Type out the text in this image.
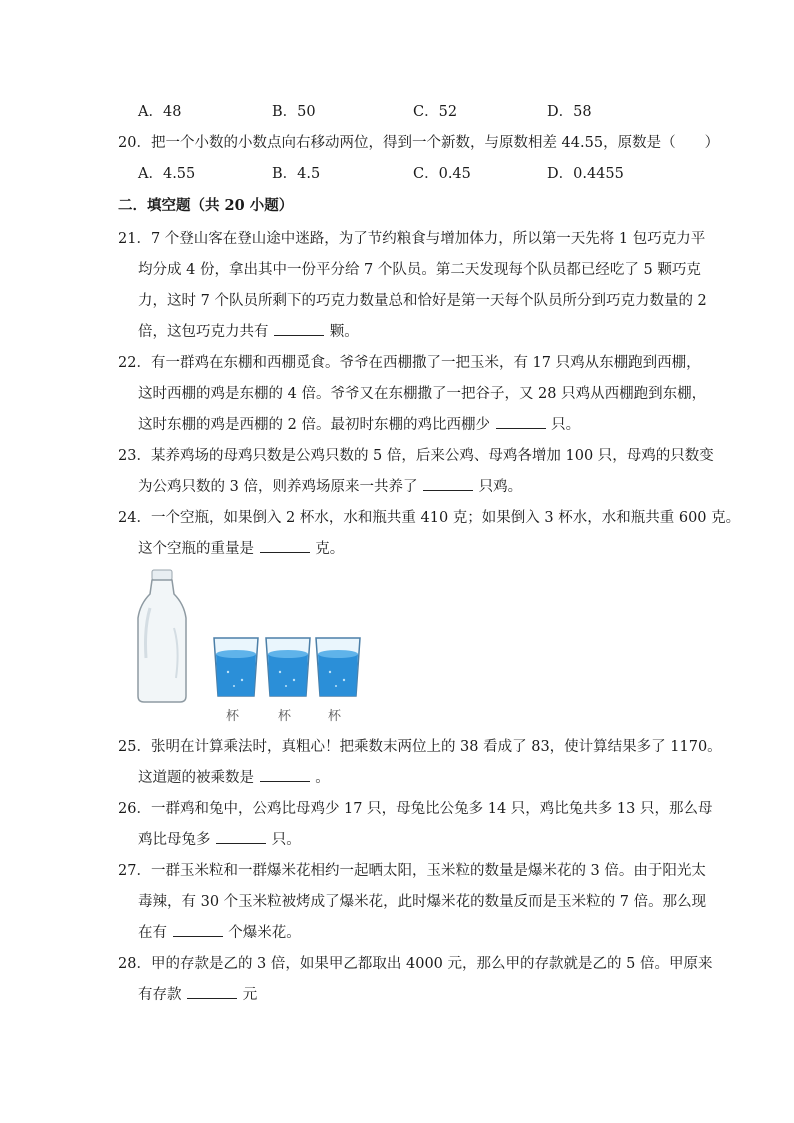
A．48	B．50	C．52	D．58
20．把一个小数的小数点向右移动两位，得到一个新数，与原数相差 44.55，原数是（　　）
A．4.55	B．4.5	C．0.45	D．0.4455
二．填空题（共 20 小题）
21．7 个登山客在登山途中迷路，为了节约粮食与增加体力，所以第一天先将 1 包巧克力平
均分成 4 份，拿出其中一份平分给 7 个队员。第二天发现每个队员都已经吃了 5 颗巧克
力，这时 7 个队员所剩下的巧克力数量总和恰好是第一天每个队员所分到巧克力数量的 2
倍，这包巧克力共有	颗。
22．有一群鸡在东棚和西棚觅食。爷爷在西棚撒了一把玉米，有 17 只鸡从东棚跑到西棚，
这时西棚的鸡是东棚的 4 倍。爷爷又在东棚撒了一把谷子，又 28 只鸡从西棚跑到东棚，
这时东棚的鸡是西棚的 2 倍。最初时东棚的鸡比西棚少	只。
23．某养鸡场的母鸡只数是公鸡只数的 5 倍，后来公鸡、母鸡各增加 100 只，母鸡的只数变
为公鸡只数的 3 倍，则养鸡场原来一共养了	只鸡。
24．一个空瓶，如果倒入 2 杯水，水和瓶共重 410 克；如果倒入 3 杯水，水和瓶共重 600 克。
这个空瓶的重量是	克。
杯	杯	杯
25．张明在计算乘法时，真粗心！把乘数末两位上的 38 看成了 83，使计算结果多了 1170。
这道题的被乘数是	。
26．一群鸡和兔中，公鸡比母鸡少 17 只，母兔比公兔多 14 只，鸡比兔共多 13 只，那么母
鸡比母兔多	只。
27．一群玉米粒和一群爆米花相约一起晒太阳，玉米粒的数量是爆米花的 3 倍。由于阳光太
毒辣，有 30 个玉米粒被烤成了爆米花，此时爆米花的数量反而是玉米粒的 7 倍。那么现
在有	个爆米花。
28．甲的存款是乙的 3 倍，如果甲乙都取出 4000 元，那么甲的存款就是乙的 5 倍。甲原来
有存款	元
